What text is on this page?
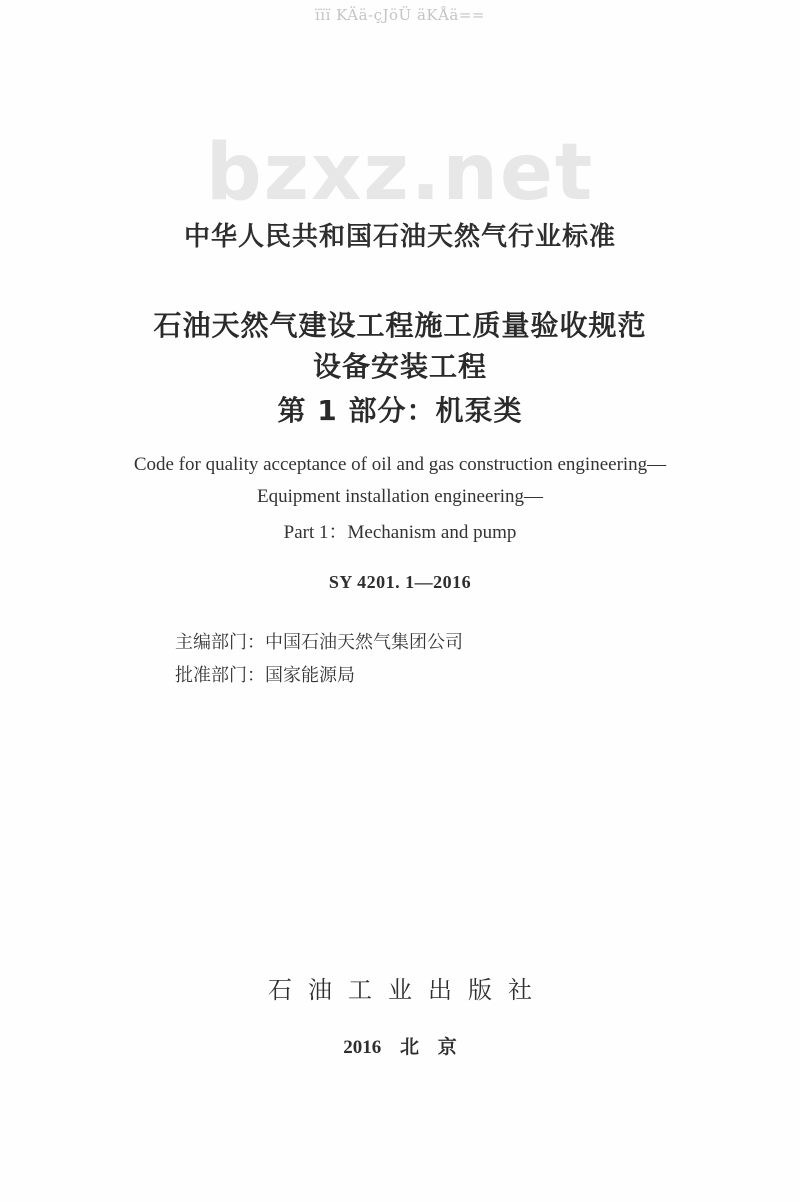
ïïï KÄä-çJöÜ äKÅä==
bzxz.net
中华人民共和国石油天然气行业标准
石油天然气建设工程施工质量验收规范
设备安装工程
第 1 部分：机泵类
Code for quality acceptance of oil and gas construction engineering—
Equipment installation engineering—
Part 1：Mechanism and pump
SY 4201. 1—2016
主编部门：中国石油天然气集团公司
批准部门：国家能源局
石油工业出版社
2016 北 京
